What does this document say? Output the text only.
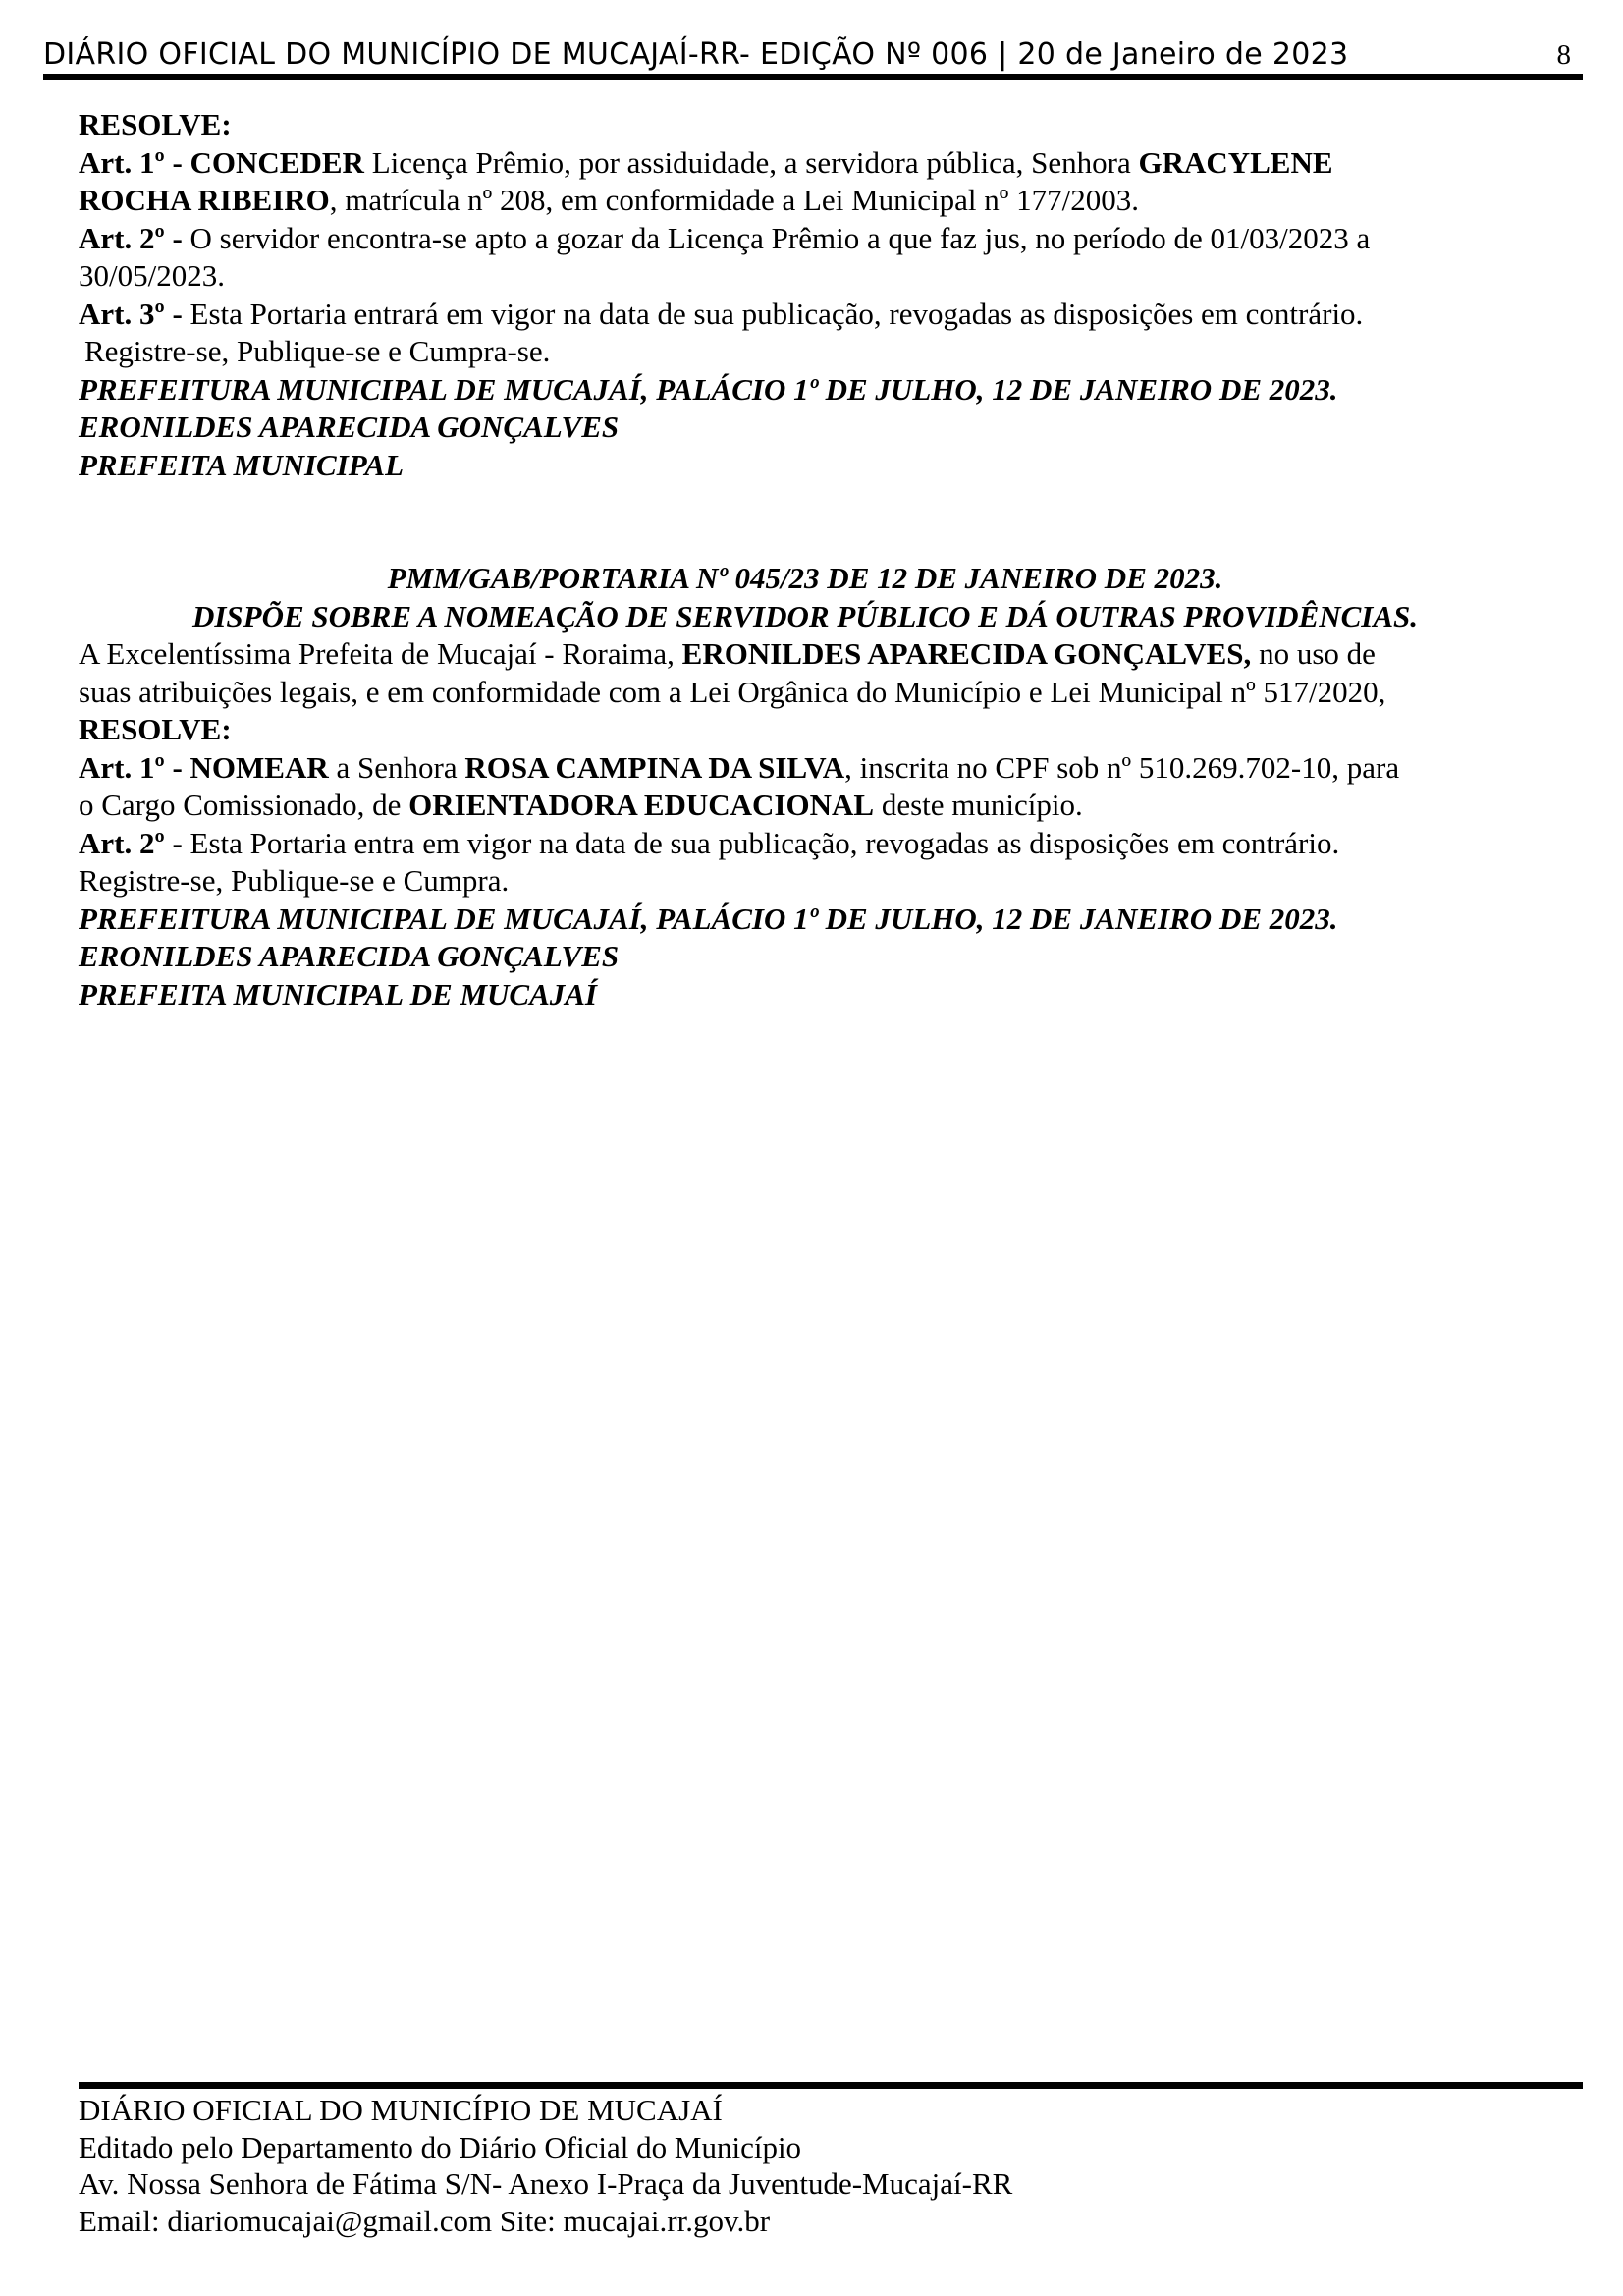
DIÁRIO OFICIAL DO MUNICÍPIO DE MUCAJAÍ-RR- EDIÇÃO Nº 006 | 20 de Janeiro de 2023	8

RESOLVE:

Art. 1º - CONCEDER Licença Prêmio, por assiduidade, a servidora pública, Senhora GRACYLENE

ROCHA RIBEIRO, matrícula nº 208, em conformidade a Lei Municipal nº 177/2003.

Art. 2º - O servidor encontra-se apto a gozar da Licença Prêmio a que faz jus, no período de 01/03/2023 a

30/05/2023.

Art. 3º - Esta Portaria entrará em vigor na data de sua publicação, revogadas as disposições em contrário.

Registre-se, Publique-se e Cumpra-se.

PREFEITURA MUNICIPAL DE MUCAJAÍ, PALÁCIO 1º DE JULHO, 12 DE JANEIRO DE 2023.

ERONILDES APARECIDA GONÇALVES

PREFEITA MUNICIPAL

PMM/GAB/PORTARIA Nº 045/23 DE 12 DE JANEIRO DE 2023.

DISPÕE SOBRE A NOMEAÇÃO DE SERVIDOR PÚBLICO E DÁ OUTRAS PROVIDÊNCIAS.

A Excelentíssima Prefeita de Mucajaí - Roraima, ERONILDES APARECIDA GONÇALVES, no uso de

suas atribuições legais, e em conformidade com a Lei Orgânica do Município e Lei Municipal nº 517/2020,

RESOLVE:

Art. 1º - NOMEAR a Senhora ROSA CAMPINA DA SILVA, inscrita no CPF sob nº 510.269.702-10, para

o Cargo Comissionado, de ORIENTADORA EDUCACIONAL deste município.

Art. 2º - Esta Portaria entra em vigor na data de sua publicação, revogadas as disposições em contrário.

Registre-se, Publique-se e Cumpra.

PREFEITURA MUNICIPAL DE MUCAJAÍ, PALÁCIO 1º DE JULHO, 12 DE JANEIRO DE 2023.

ERONILDES APARECIDA GONÇALVES

PREFEITA MUNICIPAL DE MUCAJAÍ

DIÁRIO OFICIAL DO MUNICÍPIO DE MUCAJAÍ

Editado pelo Departamento do Diário Oficial do Município

Av. Nossa Senhora de Fátima S/N- Anexo I-Praça da Juventude-Mucajaí-RR

Email: diariomucajai@gmail.com Site: mucajai.rr.gov.br
